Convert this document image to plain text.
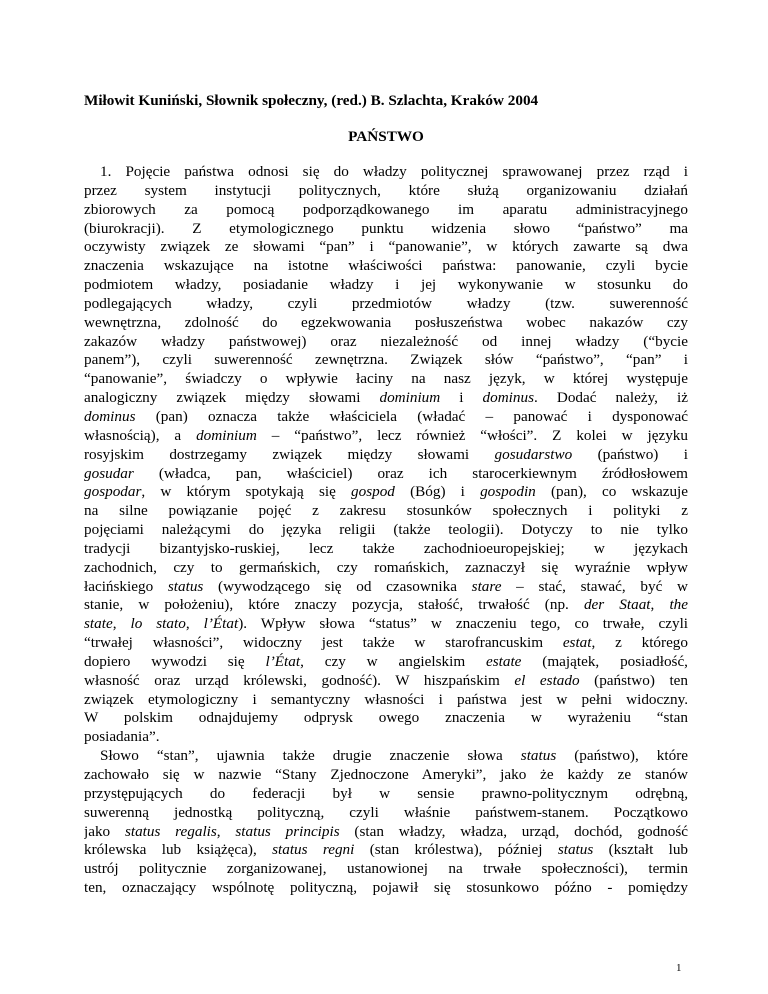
Miłowit Kuniński, Słownik społeczny, (red.) B. Szlachta, Kraków 2004
PAŃSTWO
1. Pojęcie państwa odnosi się do władzy politycznej sprawowanej przez rząd i
przez system instytucji politycznych, które służą organizowaniu działań
zbiorowych za pomocą podporządkowanego im aparatu administracyjnego
(biurokracji). Z etymologicznego punktu widzenia słowo “państwo” ma
oczywisty związek ze słowami “pan” i “panowanie”, w których zawarte są dwa
znaczenia wskazujące na istotne właściwości państwa: panowanie, czyli bycie
podmiotem władzy, posiadanie władzy i jej wykonywanie w stosunku do
podlegających władzy, czyli przedmiotów władzy (tzw. suwerenność
wewnętrzna, zdolność do egzekwowania posłuszeństwa wobec nakazów czy
zakazów władzy państwowej) oraz niezależność od innej władzy (“bycie
panem”), czyli suwerenność zewnętrzna. Związek słów “państwo”, “pan” i
“panowanie”, świadczy o wpływie łaciny na nasz język, w której występuje
analogiczny związek między słowami dominium i dominus. Dodać należy, iż
dominus (pan) oznacza także właściciela (władać – panować i dysponować
własnością), a dominium – “państwo”, lecz również “włości”. Z kolei w języku
rosyjskim dostrzegamy związek między słowami gosudarstwo (państwo) i
gosudar (władca, pan, właściciel) oraz ich starocerkiewnym źródłosłowem
gospodar, w którym spotykają się gospod (Bóg) i gospodin (pan), co wskazuje
na silne powiązanie pojęć z zakresu stosunków społecznych i polityki z
pojęciami należącymi do języka religii (także teologii). Dotyczy to nie tylko
tradycji bizantyjsko-ruskiej, lecz także zachodnioeuropejskiej; w językach
zachodnich, czy to germańskich, czy romańskich, zaznaczył się wyraźnie wpływ
łacińskiego status (wywodzącego się od czasownika stare – stać, stawać, być w
stanie, w położeniu), które znaczy pozycja, stałość, trwałość (np. der Staat, the
state, lo stato, l’État). Wpływ słowa “status” w znaczeniu tego, co trwałe, czyli
“trwałej własności”, widoczny jest także w starofrancuskim estat, z którego
dopiero wywodzi się l’État, czy w angielskim estate (majątek, posiadłość,
własność oraz urząd królewski, godność). W hiszpańskim el estado (państwo) ten
związek etymologiczny i semantyczny własności i państwa jest w pełni widoczny.
W polskim odnajdujemy odprysk owego znaczenia w wyrażeniu “stan
posiadania”.
Słowo “stan”, ujawnia także drugie znaczenie słowa status (państwo), które
zachowało się w nazwie “Stany Zjednoczone Ameryki”, jako że każdy ze stanów
przystępujących do federacji był w sensie prawno-politycznym odrębną,
suwerenną jednostką polityczną, czyli właśnie państwem-stanem. Początkowo
jako status regalis, status principis (stan władzy, władza, urząd, dochód, godność
królewska lub książęca), status regni (stan królestwa), później status (kształt lub
ustrój politycznie zorganizowanej, ustanowionej na trwałe społeczności), termin
ten, oznaczający wspólnotę polityczną, pojawił się stosunkowo późno - pomiędzy
1
